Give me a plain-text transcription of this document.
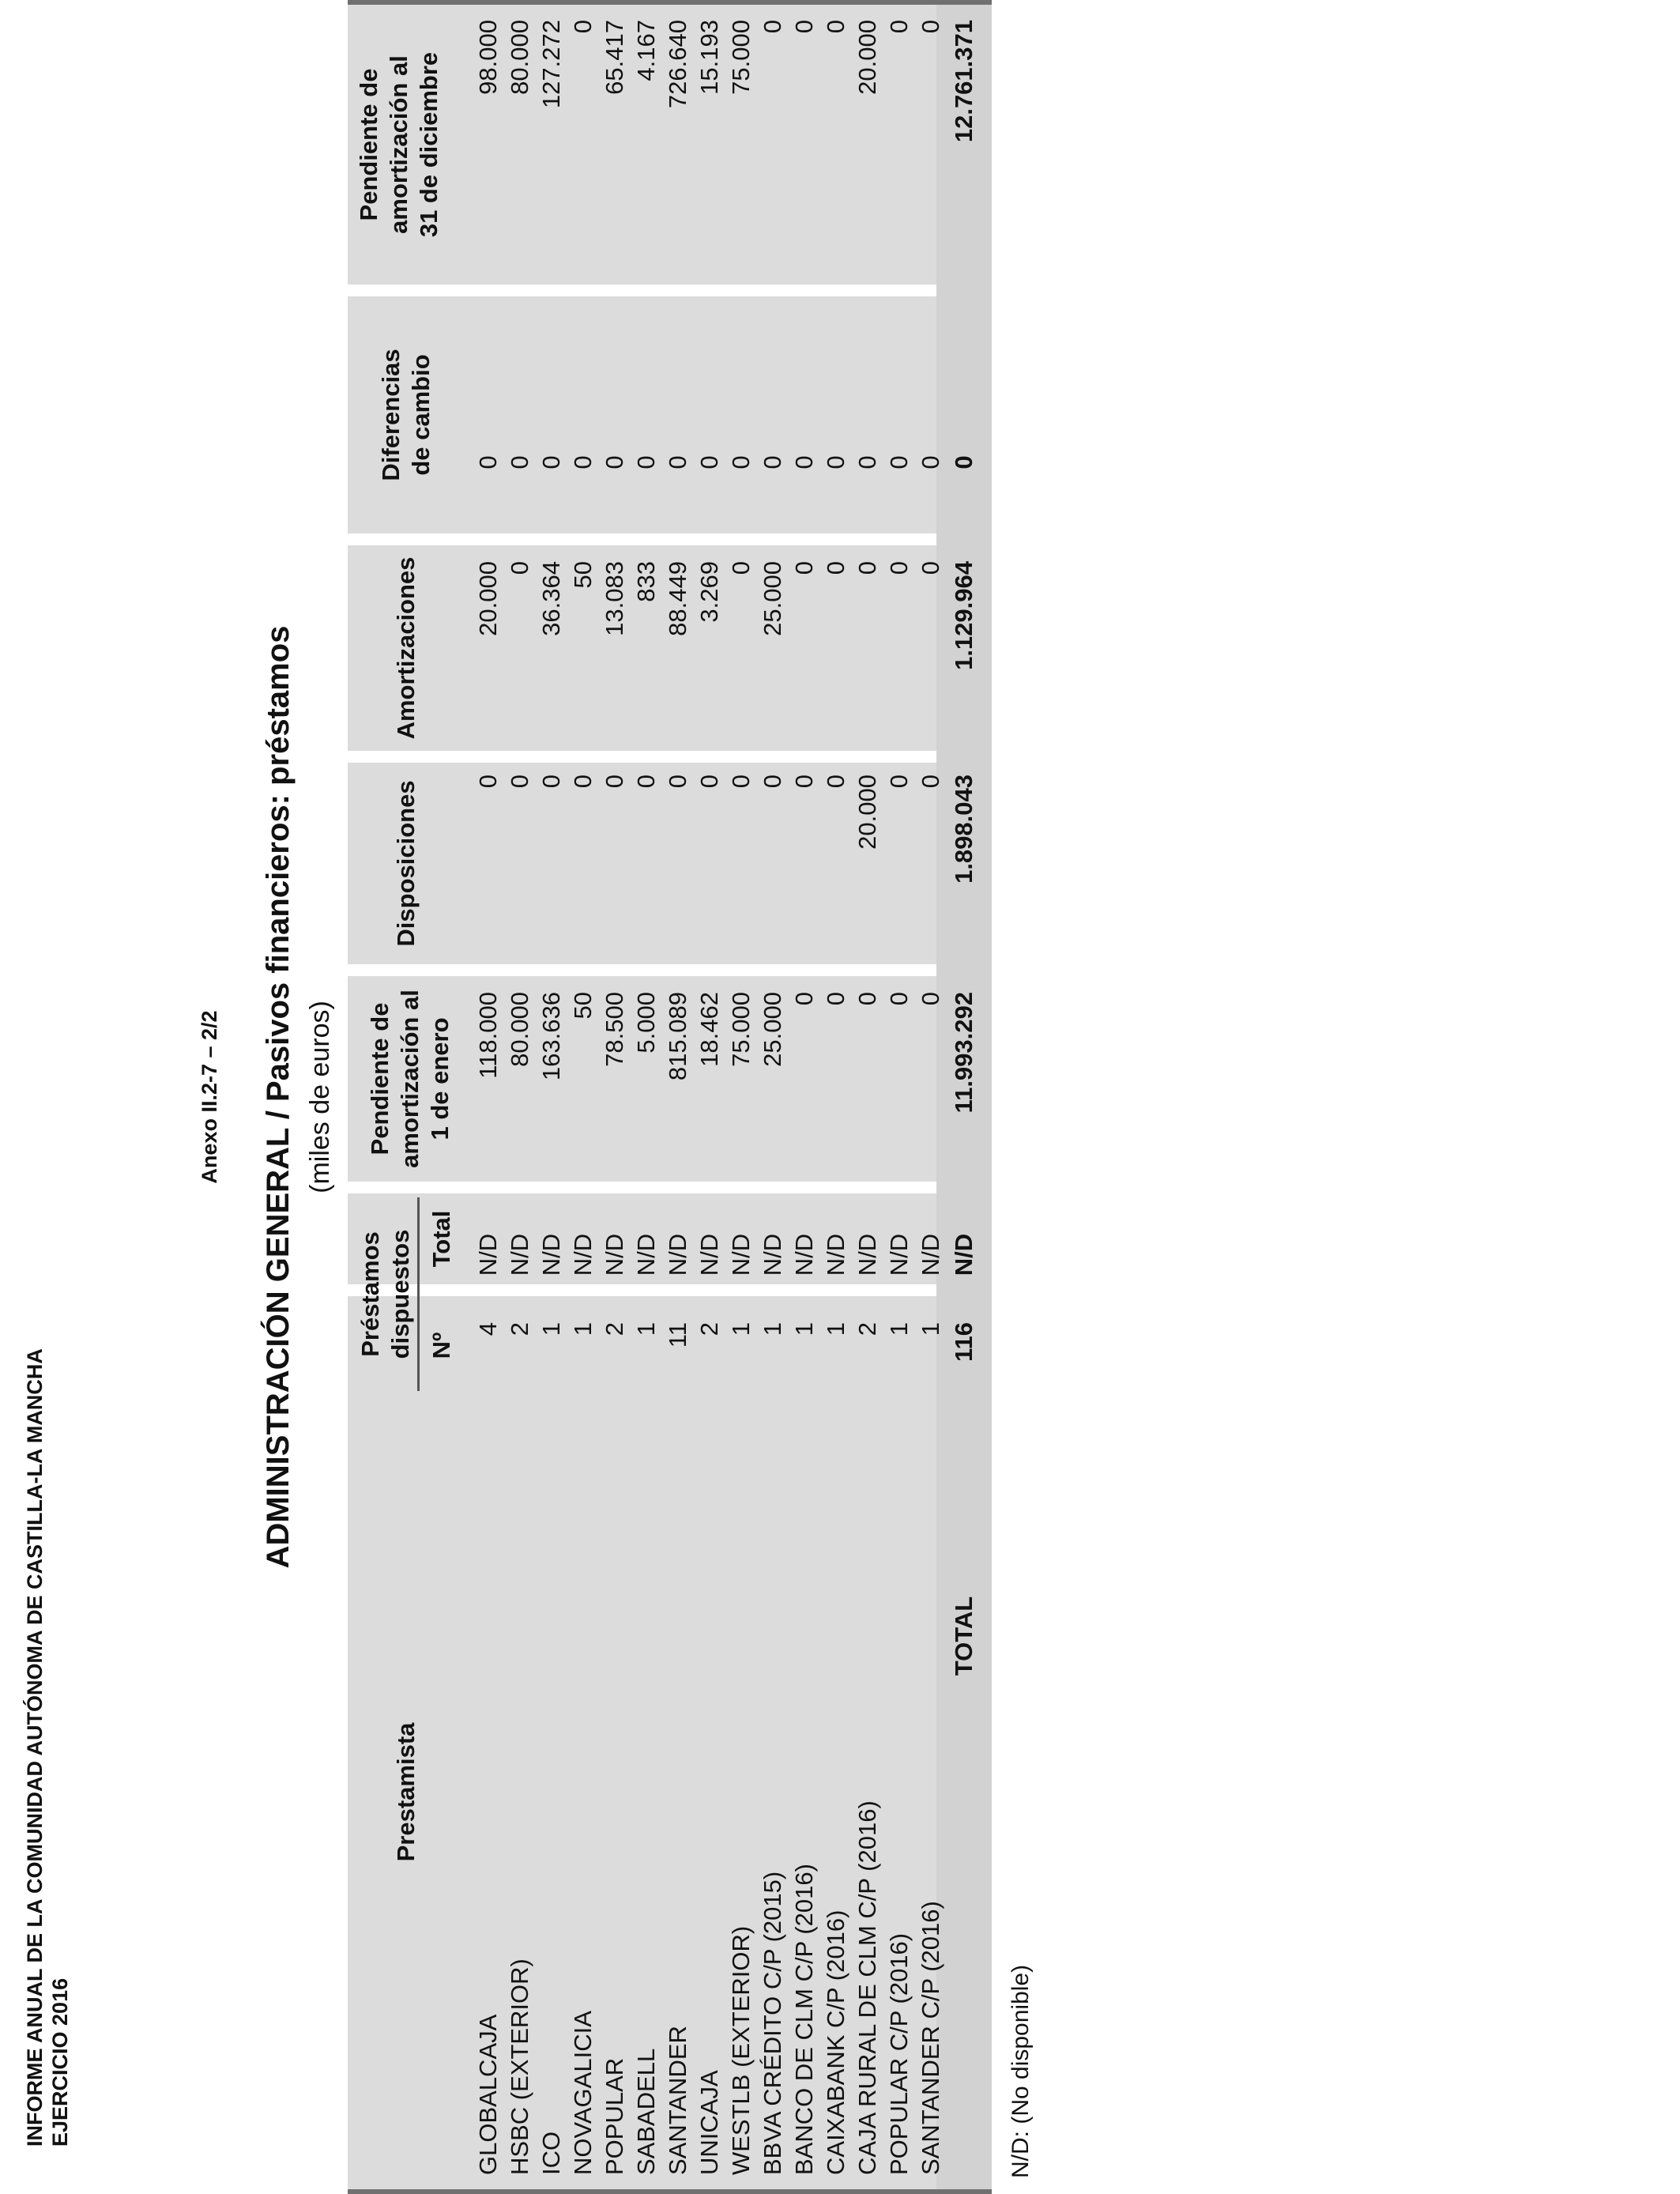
INFORME ANUAL DE LA COMUNIDAD AUTÓNOMA DE CASTILLA-LA MANCHA EJERCICIO 2016
Anexo II.2-7 – 2/2 ADMINISTRACIÓN GENERAL / Pasivos financieros: préstamos (miles de euros)
Prestamista
Préstamos dispuestos Nº
Total
Pendiente de amortización al 1 de enero
Disposiciones
Amortizaciones
Diferencias de cambio
Pendiente de amortización al 31 de diciembre
GLOBALCAJA
4
N/D
118.000
0
20.000
0
98.000
HSBC (EXTERIOR)
2
N/D
80.000
0
0
0
80.000
ICO
1
N/D
163.636
0
36.364
0
127.272
NOVAGALICIA
1
N/D
50
0
50
0
0
POPULAR
2
N/D
78.500
0
13.083
0
65.417
SABADELL
1
N/D
5.000
0
833
0
4.167
SANTANDER
11
N/D
815.089
0
88.449
0
726.640
UNICAJA
2
N/D
18.462
0
3.269
0
15.193
WESTLB (EXTERIOR)
1
N/D
75.000
0
0
0
75.000
BBVA CRÉDITO C/P (2015)
1
N/D
25.000
0
25.000
0
0
BANCO DE CLM C/P (2016)
1
N/D
0
0
0
0
0
CAIXABANK C/P (2016)
1
N/D
0
0
0
0
0
CAJA RURAL DE CLM C/P (2016)
2
N/D
0
20.000
0
0
20.000
POPULAR C/P (2016)
1
N/D
0
0
0
0
0
SANTANDER C/P (2016)
1
N/D
0
0
0
0
0
TOTAL
116
N/D
11.993.292
1.898.043
1.129.964
0
12.761.371
N/D: (No disponible)
